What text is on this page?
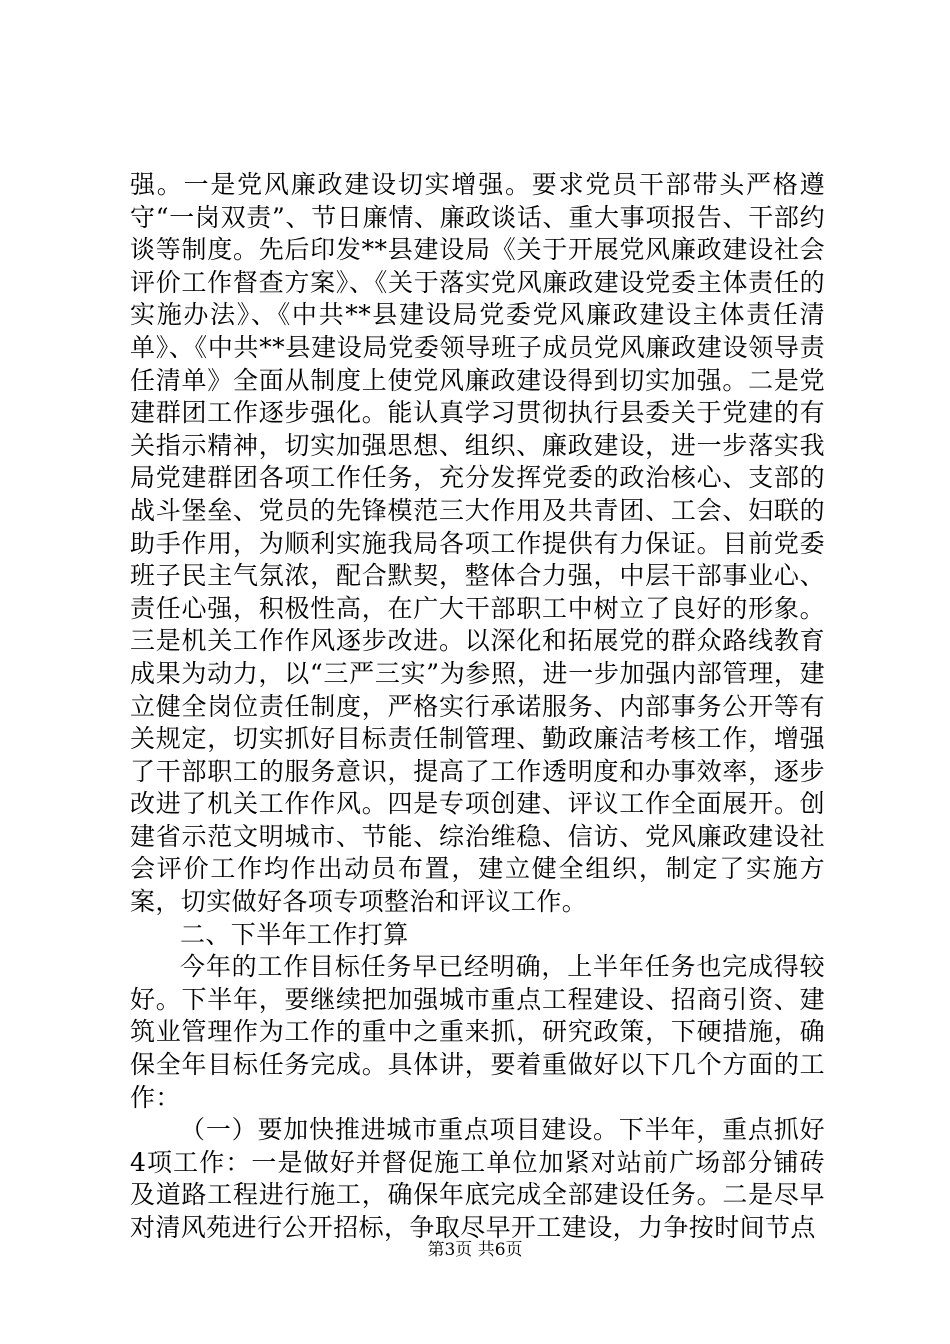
强。一是党风廉政建设切实增强。要求党员干部带头严格遵守“一岗双责”、节日廉情、廉政谈话、重大事项报告、干部约谈等制度。先后印发**县建设局《关于开展党风廉政建设社会评价工作督查方案》、《关于落实党风廉政建设党委主体责任的实施办法》、《中共**县建设局党委党风廉政建设主体责任清单》、《中共**县建设局党委领导班子成员党风廉政建设领导责任清单》全面从制度上使党风廉政建设得到切实加强。二是党建群团工作逐步强化。能认真学习贯彻执行县委关于党建的有关指示精神，切实加强思想、组织、廉政建设，进一步落实我局党建群团各项工作任务，充分发挥党委的政治核心、支部的战斗堡垒、党员的先锋模范三大作用及共青团、工会、妇联的助手作用，为顺利实施我局各项工作提供有力保证。目前党委班子民主气氛浓，配合默契，整体合力强，中层干部事业心、责任心强，积极性高，在广大干部职工中树立了良好的形象。三是机关工作作风逐步改进。以深化和拓展党的群众路线教育成果为动力，以“三严三实”为参照，进一步加强内部管理，建立健全岗位责任制度，严格实行承诺服务、内部事务公开等有关规定，切实抓好目标责任制管理、勤政廉洁考核工作，增强了干部职工的服务意识，提高了工作透明度和办事效率，逐步改进了机关工作作风。四是专项创建、评议工作全面展开。创建省示范文明城市、节能、综治维稳、信访、党风廉政建设社会评价工作均作出动员布置，建立健全组织，制定了实施方案，切实做好各项专项整治和评议工作。

二、下半年工作打算

今年的工作目标任务早已经明确，上半年任务也完成得较好。下半年，要继续把加强城市重点工程建设、招商引资、建筑业管理作为工作的重中之重来抓，研究政策，下硬措施，确保全年目标任务完成。具体讲，要着重做好以下几个方面的工作：

（一）要加快推进城市重点项目建设。下半年，重点抓好4项工作：一是做好并督促施工单位加紧对站前广场部分铺砖及道路工程进行施工，确保年底完成全部建设任务。二是尽早对清风苑进行公开招标，争取尽早开工建设，力争按时间节点

第3页 共6页
